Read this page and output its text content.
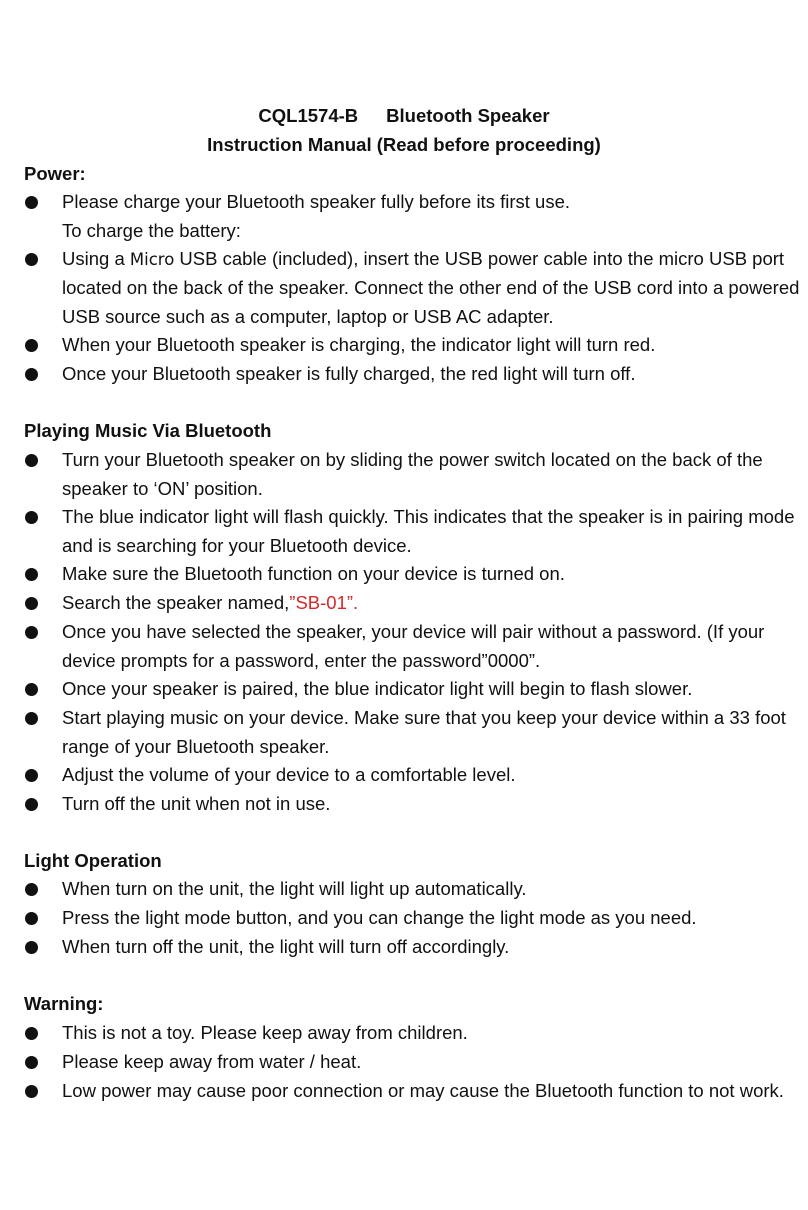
CQL1574-B Bluetooth Speaker
Instruction Manual (Read before proceeding)
Power:
Please charge your Bluetooth speaker fully before its first use.
To charge the battery:
Using a Micro USB cable (included), insert the USB power cable into the micro USB port
located on the back of the speaker. Connect the other end of the USB cord into a powered
USB source such as a computer, laptop or USB AC adapter.
When your Bluetooth speaker is charging, the indicator light will turn red.
Once your Bluetooth speaker is fully charged, the red light will turn off.
Playing Music Via Bluetooth
Turn your Bluetooth speaker on by sliding the power switch located on the back of the
speaker to ‘ON’ position.
The blue indicator light will flash quickly. This indicates that the speaker is in pairing mode
and is searching for your Bluetooth device.
Make sure the Bluetooth function on your device is turned on.
Search the speaker named,”SB-01”.
Once you have selected the speaker, your device will pair without a password. (If your
device prompts for a password, enter the password”0000”.
Once your speaker is paired, the blue indicator light will begin to flash slower.
Start playing music on your device. Make sure that you keep your device within a 33 foot
range of your Bluetooth speaker.
Adjust the volume of your device to a comfortable level.
Turn off the unit when not in use.
Light Operation
When turn on the unit, the light will light up automatically.
Press the light mode button, and you can change the light mode as you need.
When turn off the unit, the light will turn off accordingly.
Warning:
This is not a toy. Please keep away from children.
Please keep away from water / heat.
Low power may cause poor connection or may cause the Bluetooth function to not work.
